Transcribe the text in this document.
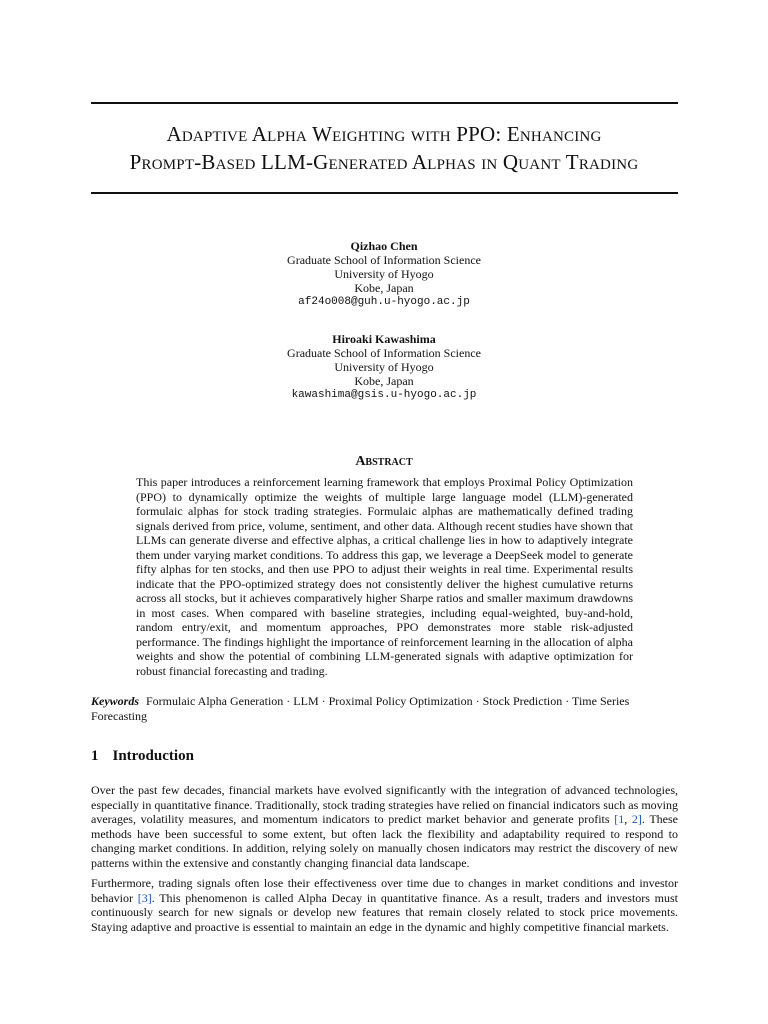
Adaptive Alpha Weighting with PPO: Enhancing
Prompt-Based LLM-Generated Alphas in Quant Trading
Qizhao Chen
Graduate School of Information Science
University of Hyogo
Kobe, Japan
af24o008@guh.u-hyogo.ac.jp
Hiroaki Kawashima
Graduate School of Information Science
University of Hyogo
Kobe, Japan
kawashima@gsis.u-hyogo.ac.jp
Abstract
This paper introduces a reinforcement learning framework that employs Proximal Policy Optimization (PPO) to dynamically optimize the weights of multiple large language model (LLM)-generated formulaic alphas for stock trading strategies. Formulaic alphas are mathematically defined trading signals derived from price, volume, sentiment, and other data. Although recent studies have shown that LLMs can generate diverse and effective alphas, a critical challenge lies in how to adaptively integrate them under varying market conditions. To address this gap, we leverage a DeepSeek model to generate fifty alphas for ten stocks, and then use PPO to adjust their weights in real time. Experimental results indicate that the PPO-optimized strategy does not consistently deliver the highest cumulative returns across all stocks, but it achieves comparatively higher Sharpe ratios and smaller maximum drawdowns in most cases. When compared with baseline strategies, including equal-weighted, buy-and-hold, random entry/exit, and momentum approaches, PPO demonstrates more stable risk-adjusted performance. The findings highlight the importance of reinforcement learning in the allocation of alpha weights and show the potential of combining LLM-generated signals with adaptive optimization for robust financial forecasting and trading.
Keywords Formulaic Alpha Generation · LLM · Proximal Policy Optimization · Stock Prediction · Time Series Forecasting
1 Introduction

Over the past few decades, financial markets have evolved significantly with the integration of advanced technologies, especially in quantitative finance. Traditionally, stock trading strategies have relied on financial indicators such as moving averages, volatility measures, and momentum indicators to predict market behavior and generate profits [1, 2]. These methods have been successful to some extent, but often lack the flexibility and adaptability required to respond to changing market conditions. In addition, relying solely on manually chosen indicators may restrict the discovery of new patterns within the extensive and constantly changing financial data landscape.

Furthermore, trading signals often lose their effectiveness over time due to changes in market conditions and investor behavior [3]. This phenomenon is called Alpha Decay in quantitative finance. As a result, traders and investors must continuously search for new signals or develop new features that remain closely related to stock price movements. Staying adaptive and proactive is essential to maintain an edge in the dynamic and highly competitive financial markets.
